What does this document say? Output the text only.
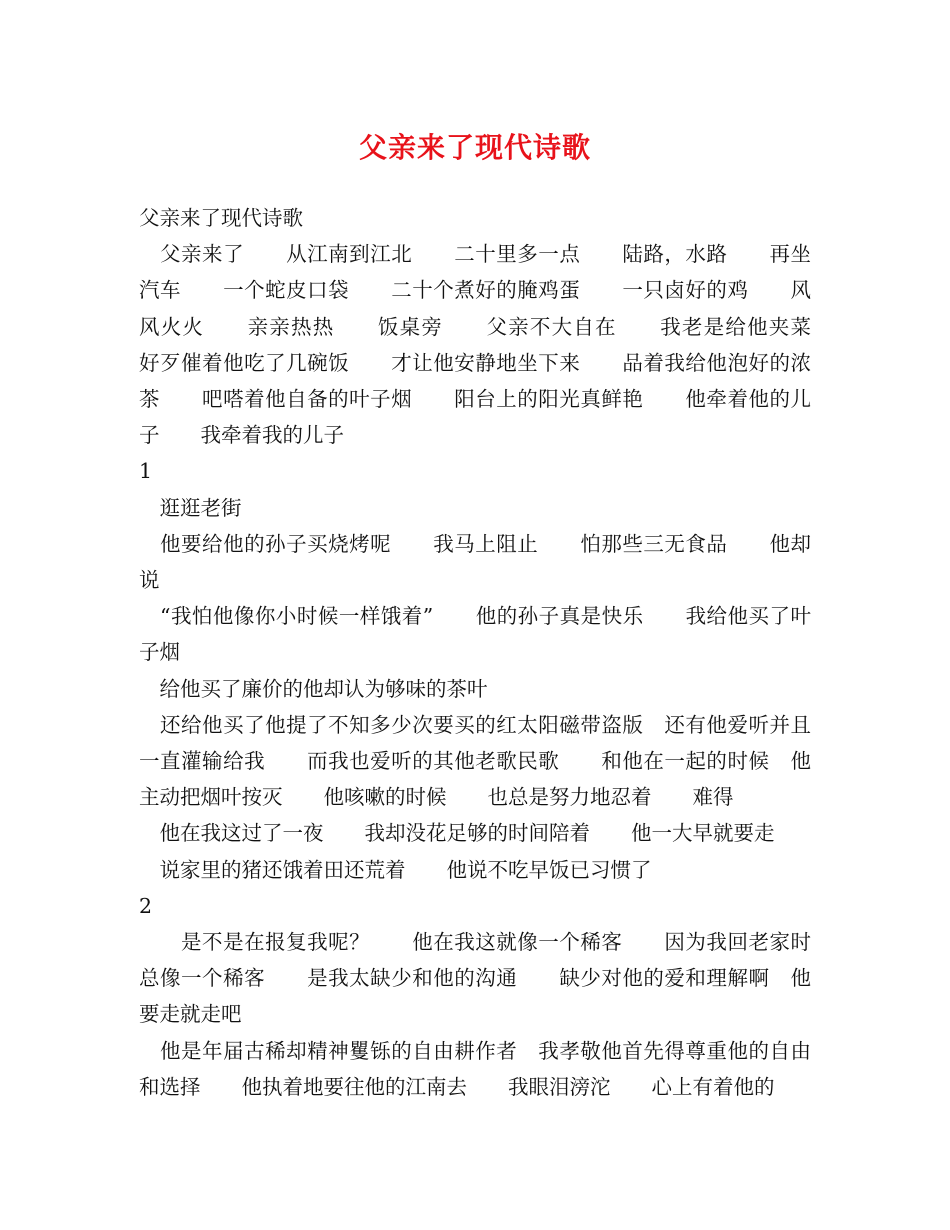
父亲来了现代诗歌

父亲来了现代诗歌

　父亲来了　　从江南到江北　　二十里多一点　　陆路，水路　　再坐汽车　　一个蛇皮口袋　　二十个煮好的腌鸡蛋　　一只卤好的鸡　　风风火火　　亲亲热热　　饭桌旁　　父亲不大自在　　我老是给他夹菜　　好歹催着他吃了几碗饭　　才让他安静地坐下来　　品着我给他泡好的浓茶　　吧嗒着他自备的叶子烟　　阳台上的阳光真鲜艳　　他牵着他的儿子　　我牵着我的儿子

1

　逛逛老街

　他要给他的孙子买烧烤呢　　我马上阻止　　怕那些三无食品　　他却说

　“我怕他像你小时候一样饿着”　　他的孙子真是快乐　　我给他买了叶子烟

　给他买了廉价的他却认为够味的茶叶

　还给他买了他提了不知多少次要买的红太阳磁带盗版　还有他爱听并且一直灌输给我　　而我也爱听的其他老歌民歌　　和他在一起的时候　他主动把烟叶按灭　　他咳嗽的时候　　也总是努力地忍着　　难得

　他在我这过了一夜　　我却没花足够的时间陪着　　他一大早就要走

　说家里的猪还饿着田还荒着　　他说不吃早饭已习惯了

2

　　是不是在报复我呢？　　他在我这就像一个稀客　　因为我回老家时总像一个稀客　　是我太缺少和他的沟通　　缺少对他的爱和理解啊　他要走就走吧

　他是年届古稀却精神矍铄的自由耕作者　我孝敬他首先得尊重他的自由和选择　　他执着地要往他的江南去　　我眼泪滂沱　　心上有着他的
